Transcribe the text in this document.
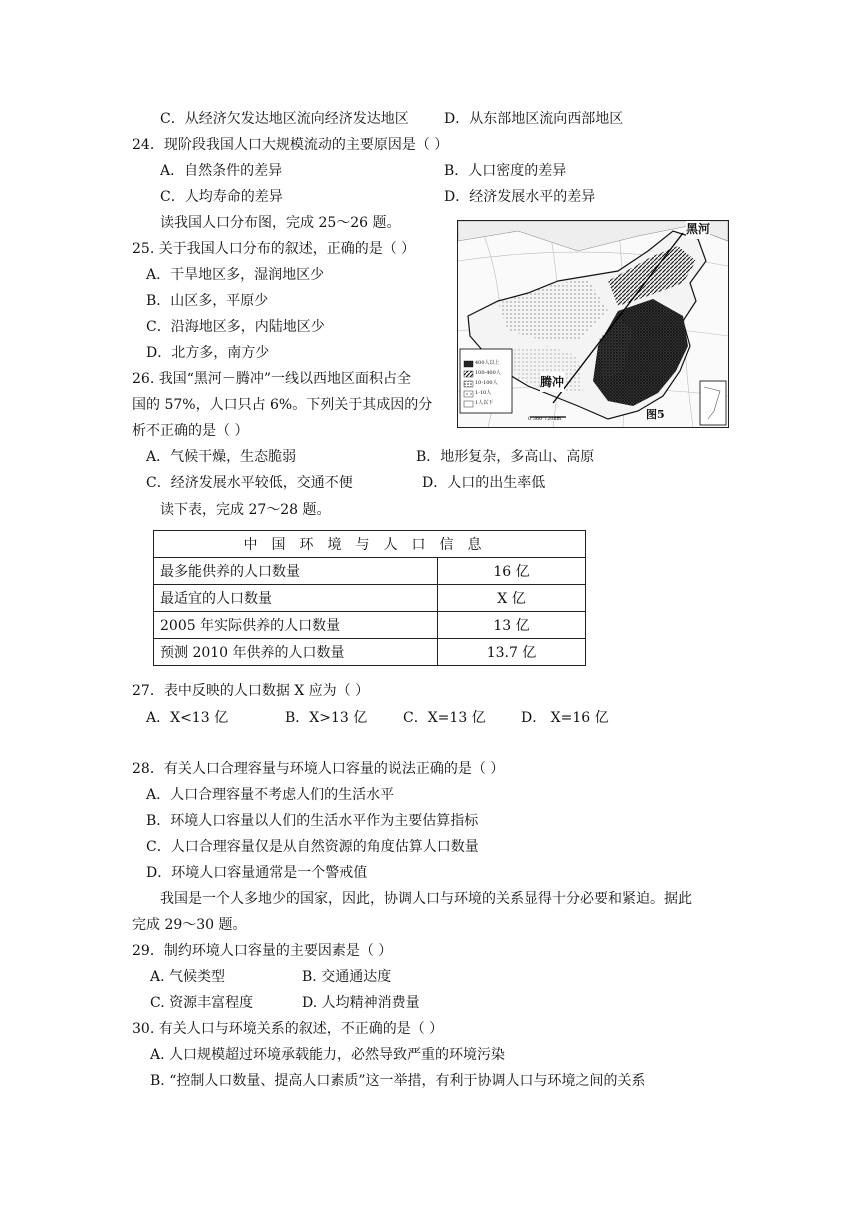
C．从经济欠发达地区流向经济发达地区	D．从东部地区流向西部地区
24．现阶段我国人口大规模流动的主要原因是（ ）
A．自然条件的差异	B．人口密度的差异
C．人均寿命的差异	D．经济发展水平的差异
读我国人口分布图，完成 25～26 题。
25. 关于我国人口分布的叙述，正确的是（ ）
A．干旱地区多，湿润地区少
B．山区多，平原少
C．沿海地区多，内陆地区少
D．北方多，南方少
26. 我国“黑河－腾冲”一线以西地区面积占全
国的 57%，人口只占 6%。下列关于其成因的分
析不正确的是（ ）
A．气候干燥，生态脆弱	B．地形复杂，多高山、高原
C．经济发展水平较低，交通不便	D．人口的出生率低
黑河
腾冲
图5
400人以上
100-400人
10-100人
1-10人
1人以下
0 360 720km
读下表，完成 27～28 题。
中国环境与人口信息	
最多能供养的人口数量	16 亿
最适宜的人口数量	X 亿
2005 年实际供养的人口数量	13 亿
预测 2010 年供养的人口数量	13.7 亿
27．表中反映的人口数据 X 应为（ ）
A．X<13 亿	B．X>13 亿	C．X=13 亿	D． X=16 亿
28．有关人口合理容量与环境人口容量的说法正确的是（ ）
A．人口合理容量不考虑人们的生活水平
B．环境人口容量以人们的生活水平作为主要估算指标
C．人口合理容量仅是从自然资源的角度估算人口数量
D．环境人口容量通常是一个警戒值
我国是一个人多地少的国家，因此，协调人口与环境的关系显得十分必要和紧迫。据此
完成 29～30 题。
29．制约环境人口容量的主要因素是（ ）
A. 气候类型	B. 交通通达度
C. 资源丰富程度	D. 人均精神消费量
30. 有关人口与环境关系的叙述，不正确的是（ ）
A. 人口规模超过环境承载能力，必然导致严重的环境污染
B. “控制人口数量、提高人口素质”这一举措，有利于协调人口与环境之间的关系
